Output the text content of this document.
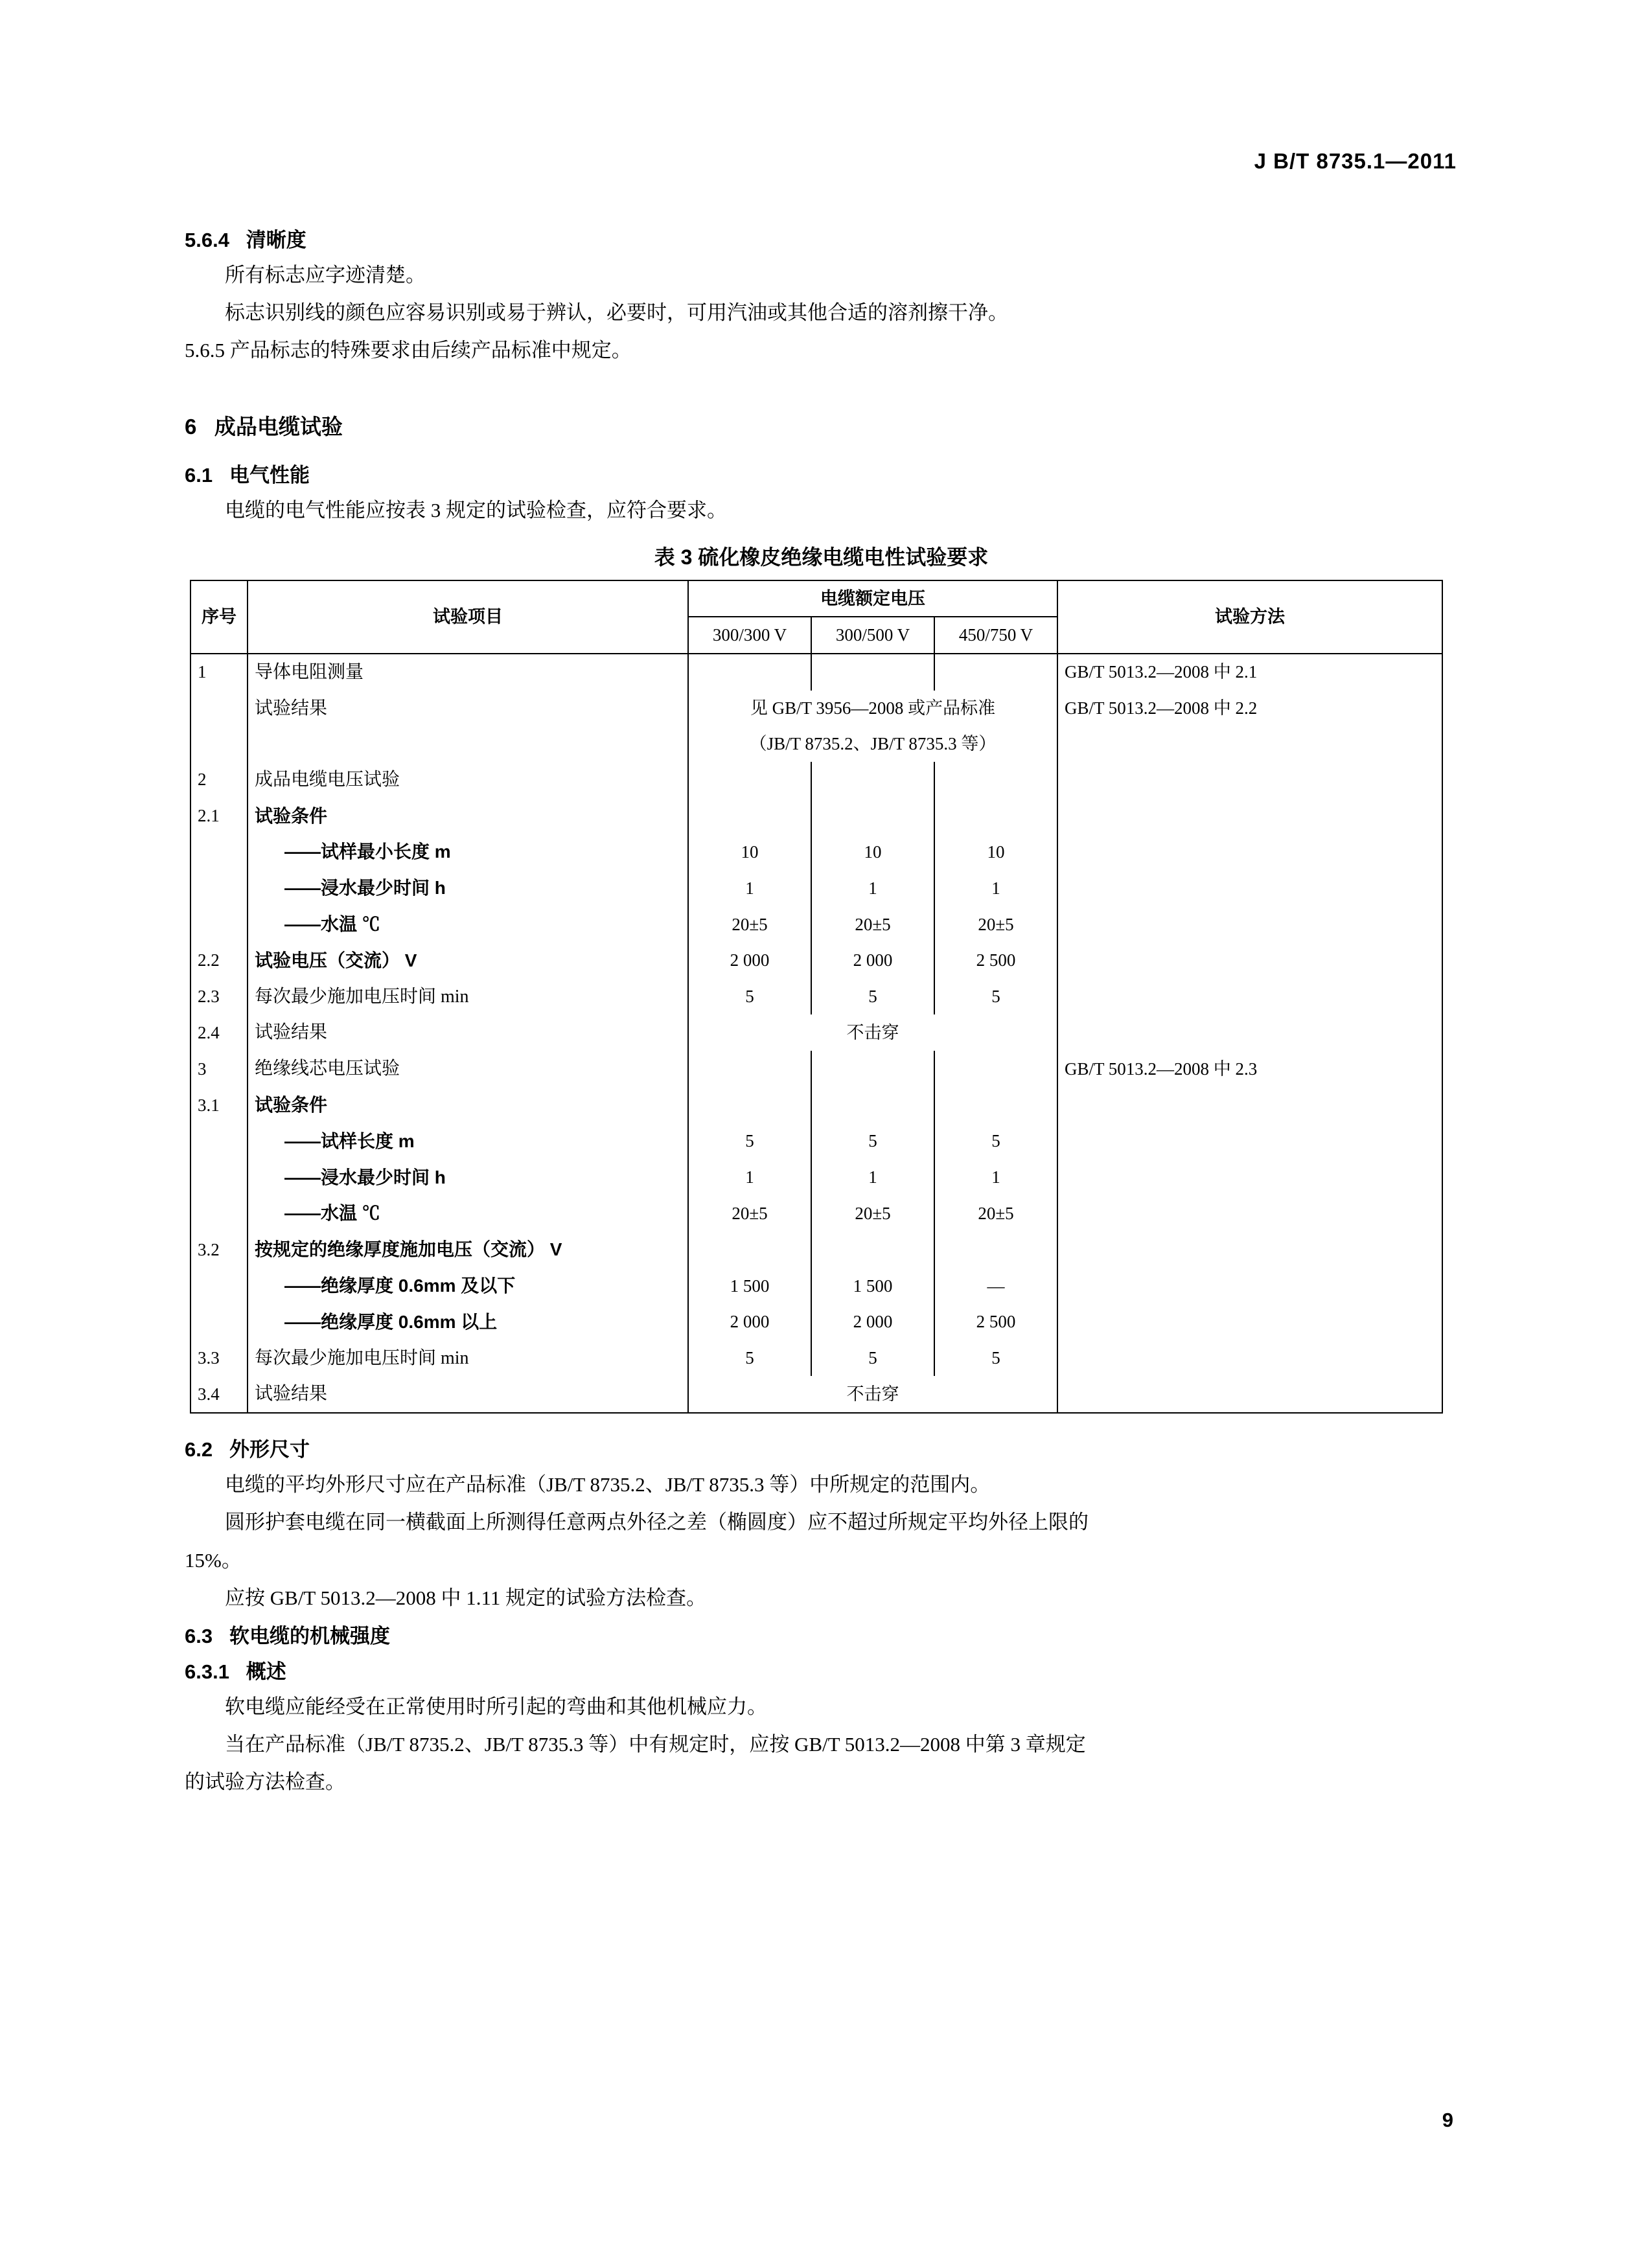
J B/T 8735.1—2011
5.6.4 清晰度

所有标志应字迹清楚。

标志识别线的颜色应容易识别或易于辨认，必要时，可用汽油或其他合适的溶剂擦干净。

5.6.5 产品标志的特殊要求由后续产品标准中规定。

6 成品电缆试验
6.1 电气性能

电缆的电气性能应按表 3 规定的试验检查，应符合要求。

表 3 硫化橡皮绝缘电缆电性试验要求
序号	试验项目	电缆额定电压			试验方法

		300/300 V	300/500 V	450/750 V	

1	导体电阻测量				GB/T 5013.2—2008 中 2.1

	试验结果	见 GB/T 3956—2008 或产品标准			GB/T 5013.2—2008 中 2.2

		（JB/T 8735.2、JB/T 8735.3 等）			

2	成品电缆电压试验				

2.1	试验条件				

	——试样最小长度 m	10	10	10	

	——浸水最少时间 h	1	1	1	

	——水温 ℃	20±5	20±5	20±5	

2.2	试验电压（交流） V	2 000	2 000	2 500	

2.3	每次最少施加电压时间 min	5	5	5	

2.4	试验结果	不击穿			

3	绝缘线芯电压试验				GB/T 5013.2—2008 中 2.3

3.1	试验条件				

	——试样长度 m	5	5	5	

	——浸水最少时间 h	1	1	1	

	——水温 ℃	20±5	20±5	20±5	

3.2	按规定的绝缘厚度施加电压（交流） V				

	——绝缘厚度 0.6mm 及以下	1 500	1 500	—	

	——绝缘厚度 0.6mm 以上	2 000	2 000	2 500	

3.3	每次最少施加电压时间 min	5	5	5	

3.4	试验结果	不击穿			

6.2 外形尺寸

电缆的平均外形尺寸应在产品标准（JB/T 8735.2、JB/T 8735.3 等）中所规定的范围内。

圆形护套电缆在同一横截面上所测得任意两点外径之差（椭圆度）应不超过所规定平均外径上限的

15%。

应按 GB/T 5013.2—2008 中 1.11 规定的试验方法检查。

6.3 软电缆的机械强度
6.3.1 概述

软电缆应能经受在正常使用时所引起的弯曲和其他机械应力。

当在产品标准（JB/T 8735.2、JB/T 8735.3 等）中有规定时，应按 GB/T 5013.2—2008 中第 3 章规定

的试验方法检查。

9
